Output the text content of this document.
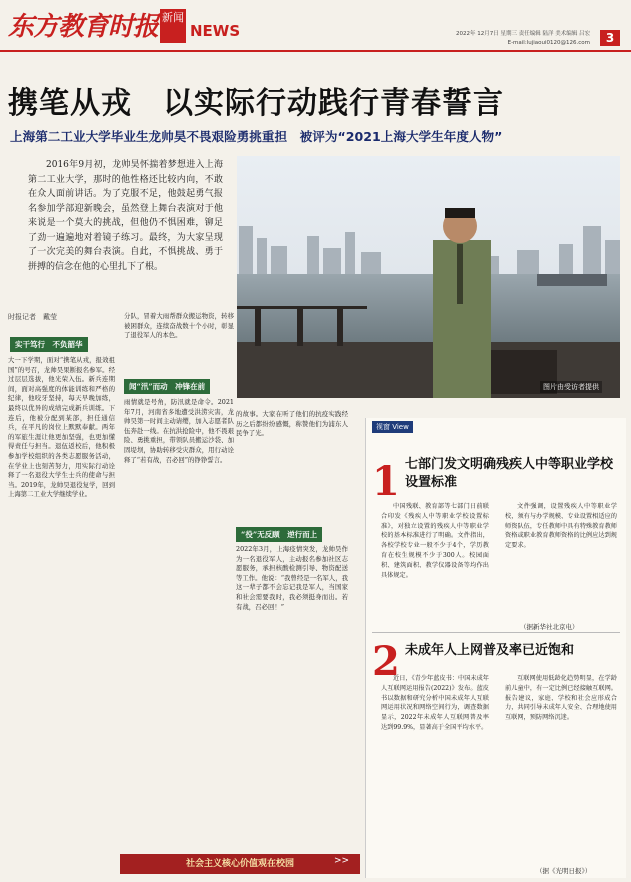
东方教育时报 新闻
NEWS	2022年 12月7日 星期三 责任编辑 陆洋 美术编辑 吕宏
E-mail:lujiaoui0120@126.com	3
携笔从戎　以实际行动践行青春誓言
上海第二工业大学毕业生龙帅昊不畏艰险勇挑重担　被评为“2021上海大学生年度人物”
2016年9月初，龙帅昊怀揣着梦想进入上海第二工业大学，那时的他性格还比较内向，不敢在众人面前讲话。为了克服不足，他鼓起勇气报名参加学部迎新晚会，虽然登上舞台表演对于他来说是一个莫大的挑战，但他仍不惧困难，铆足了劲一遍遍地对着镜子练习。最终，为大家呈现了一次完美的舞台表演。自此，不惧挑战、勇于拼搏的信念在他的心里扎下了根。
图片由受访者提供
时报记者　戴莹
实干笃行　不负韶华
大一下学期，面对“携笔从戎，报效祖国”的号召，龙帅昊果断报名参军。经过层层选拔，他光荣入伍。新兵连期间，面对高强度的体能训练和严格的纪律，他咬牙坚持，每天早晚加练，最终以优异的成绩完成新兵训练。下连后，他被分配到某部，担任通信兵，在平凡的岗位上默默奉献。两年的军旅生涯让他更加坚强，也更加懂得责任与担当。退伍返校后，他积极参加学校组织的各类志愿服务活动，在学业上也刻苦努力，用实际行动诠释了一名退役大学生士兵的使命与担当。2019年，龙帅昊退役复学，回到上海第二工业大学继续学业。
分队，冒着大雨帮群众搬运物资，转移被困群众，连续奋战数十个小时，彰显了退役军人的本色。
闻“汛”而动　冲锋在前
雨情就是号角，防汛就是命令。2021年7月，河南省多地遭受洪涝灾害，龙帅昊第一时间主动请缨，加入志愿者队伍奔赴一线。在抗洪抢险中，他不畏艰险、勇挑重担，带领队员搬运沙袋、加固堤坝，协助转移受灾群众，用行动诠释了“若有战，召必回”的铮铮誓言。
的故事。大家在听了他们的抗疫实践经历之后都纷纷感慨，称赞他们为浦东人民争了光。
“役”无反顾　逆行而上
2022年3月，上海疫情突发，龙帅昊作为一名退役军人，主动报名参加社区志愿服务，承担核酸检测引导、物资配送等工作。他说：“我曾经是一名军人，我这一辈子都不会忘记我是军人，当国家和社会需要我时，我必须挺身而出。若有战，召必回！”
社会主义核心价值观在校园	>>
视窗 View
1 七部门发文明确残疾人中等职业学校设置标准
中国残联、教育部等七部门日前联合印发《残疾人中等职业学校设置标准》，对独立设置的残疾人中等职业学校的基本标准进行了明确。文件指出，各校学校专业一般不少于4个，学历教育在校生规模不少于300人。校园面积、建筑面积、教学仪器设备等均作出具体规定。
文件强调，设置残疾人中等职业学校，须有与办学规模、专业设置相适应的师资队伍，专任教师中具有特殊教育教师资格或职业教育教师资格的比例应达到规定要求。
（据新华社北京电）
2 未成年人上网普及率已近饱和
近日，《青少年蓝皮书：中国未成年人互联网运用报告(2022)》发布。蓝皮书以数据和研究分析中国未成年人互联网运用状况和网络空间行为，调查数据显示，2022年未成年人互联网普及率达到99.9%，显著高于全国平均水平。
互联网使用低龄化趋势明显，在学龄前儿童中，有一定比例已经接触互联网。报告建议，家庭、学校和社会应形成合力，共同引导未成年人安全、合理地使用互联网，预防网络沉迷。
（据《光明日报》）
